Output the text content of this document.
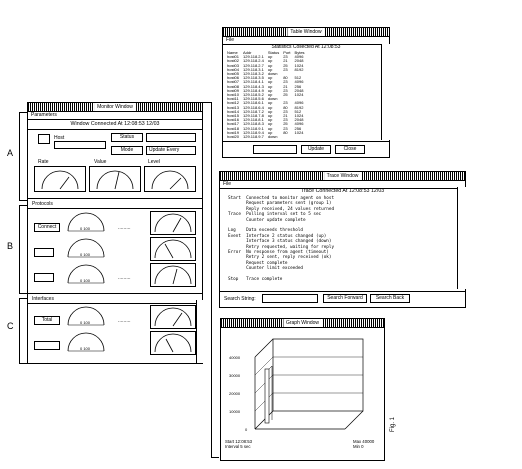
A
B
C
Monitor Window
Parameters
Window Connected At 12:08:53 12/03
Host	Status
Mode	Update Every
Rate	Value	Level
Protocols
Connect	0 100	.........
0 100
0 100	.........
Interfaces
Total	0 100	.........
0 100
Table Window
File
Statistics Collected At 12:08:53
Name	Addr	Status	Port	Bytes
host01	129.118.2.1	up	23	4096
host02	129.118.2.4	up	21	2048
host03	129.118.2.7	up	25	1024
host04	129.118.3.1	up	23	8192
host05	129.118.3.2	down		
host06	129.118.3.5	up	80	512
host07	129.118.4.1	up	23	4096
host08	129.118.4.3	up	21	256
host09	129.118.4.9	up	23	2048
host10	129.118.5.2	up	25	1024
host11	129.118.5.6	down		
host12	129.118.6.1	up	23	4096
host13	129.118.6.4	up	80	8192
host14	129.118.7.2	up	23	512
host15	129.118.7.8	up	21	1024
host16	129.118.8.1	up	23	2048
host17	129.118.8.3	up	25	4096
host18	129.118.9.1	up	23	256
host19	129.118.9.4	up	80	1024
host20	129.118.9.7	down		
Update	Close
Trace Window
File
Trace Connected At 12:08:53 12/03
Start  Connected to monitor agent on host
Request parameters sent (group 1)
Reply received, 24 values returned
Trace  Polling interval set to 5 sec
Counter update complete
Log    Data exceeds threshold
Event  Interface 2 status changed (up)
Interface 3 status changed (down)
Retry requested, waiting for reply
Error  No response from agent (timeout)
Retry 2 sent, reply received (ok)
Request complete
Counter limit exceeded
Stop   Trace complete
Search String:	Search Forward	Search Back
Graph Window
40000
30000
20000
10000
0
Start 12:08:53
Interval 5 sec
Max 40000
Min 0
Fig. 1
